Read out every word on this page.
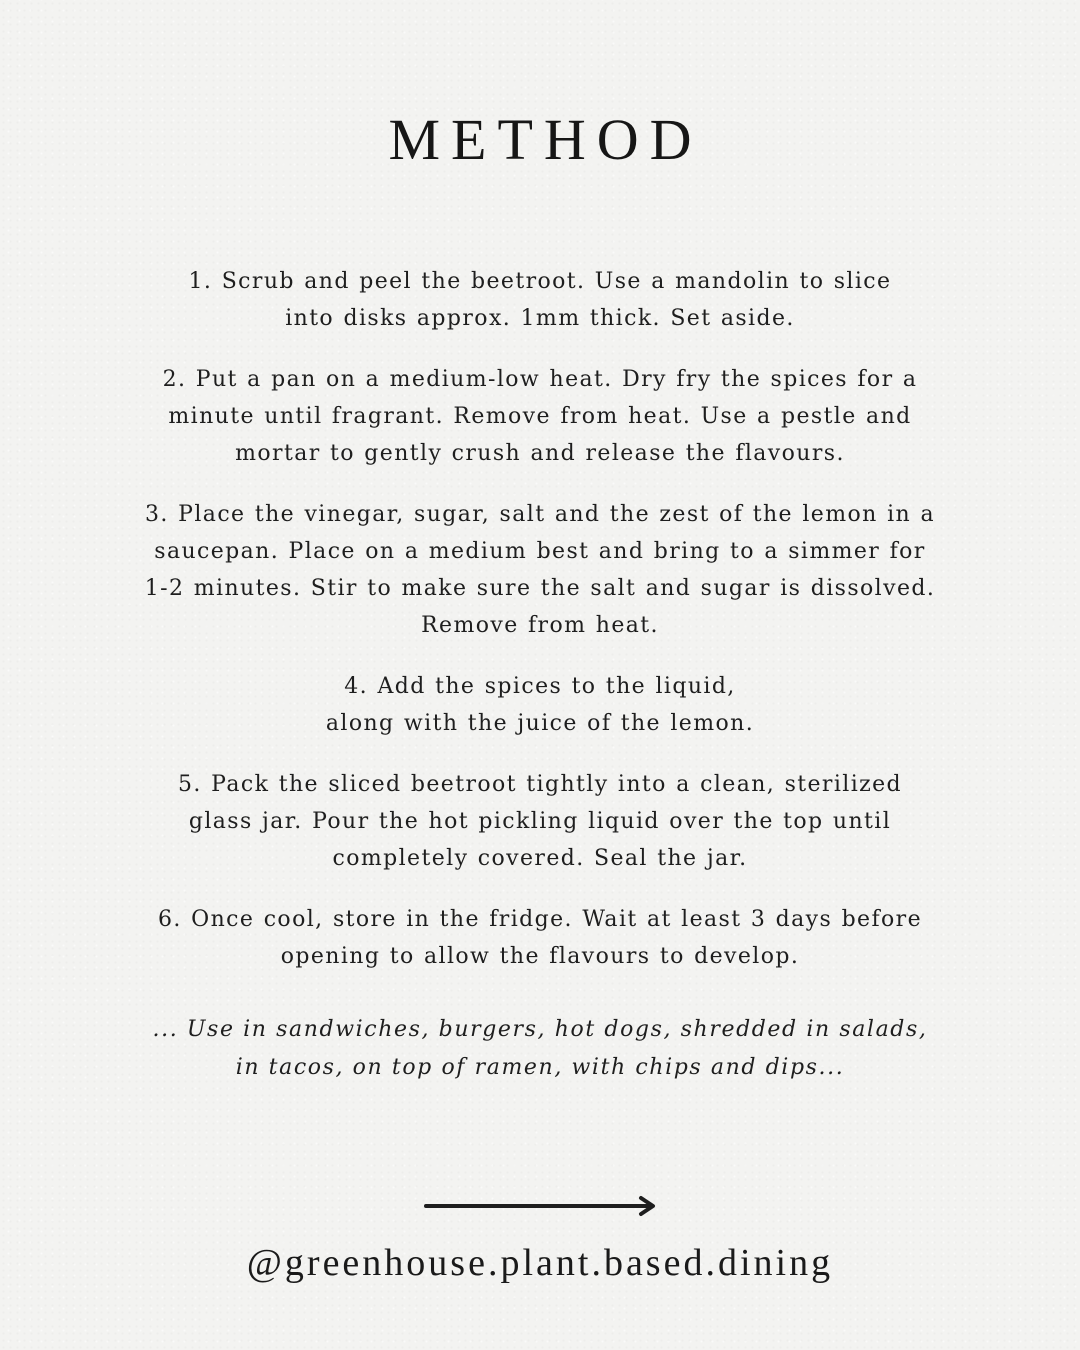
METHOD

1. Scrub and peel the beetroot. Use a mandolin to slice
into disks approx. 1mm thick. Set aside.

2. Put a pan on a medium-low heat. Dry fry the spices for a
minute until fragrant. Remove from heat. Use a pestle and
mortar to gently crush and release the flavours.

3. Place the vinegar, sugar, salt and the zest of the lemon in a
saucepan. Place on a medium best and bring to a simmer for
1-2 minutes. Stir to make sure the salt and sugar is dissolved.
Remove from heat.

4. Add the spices to the liquid,
along with the juice of the lemon.

5. Pack the sliced beetroot tightly into a clean, sterilized
glass jar. Pour the hot pickling liquid over the top until
completely covered. Seal the jar.

6. Once cool, store in the fridge. Wait at least 3 days before
opening to allow the flavours to develop.

... Use in sandwiches, burgers, hot dogs, shredded in salads,
in tacos, on top of ramen, with chips and dips...

@greenhouse.plant.based.dining
